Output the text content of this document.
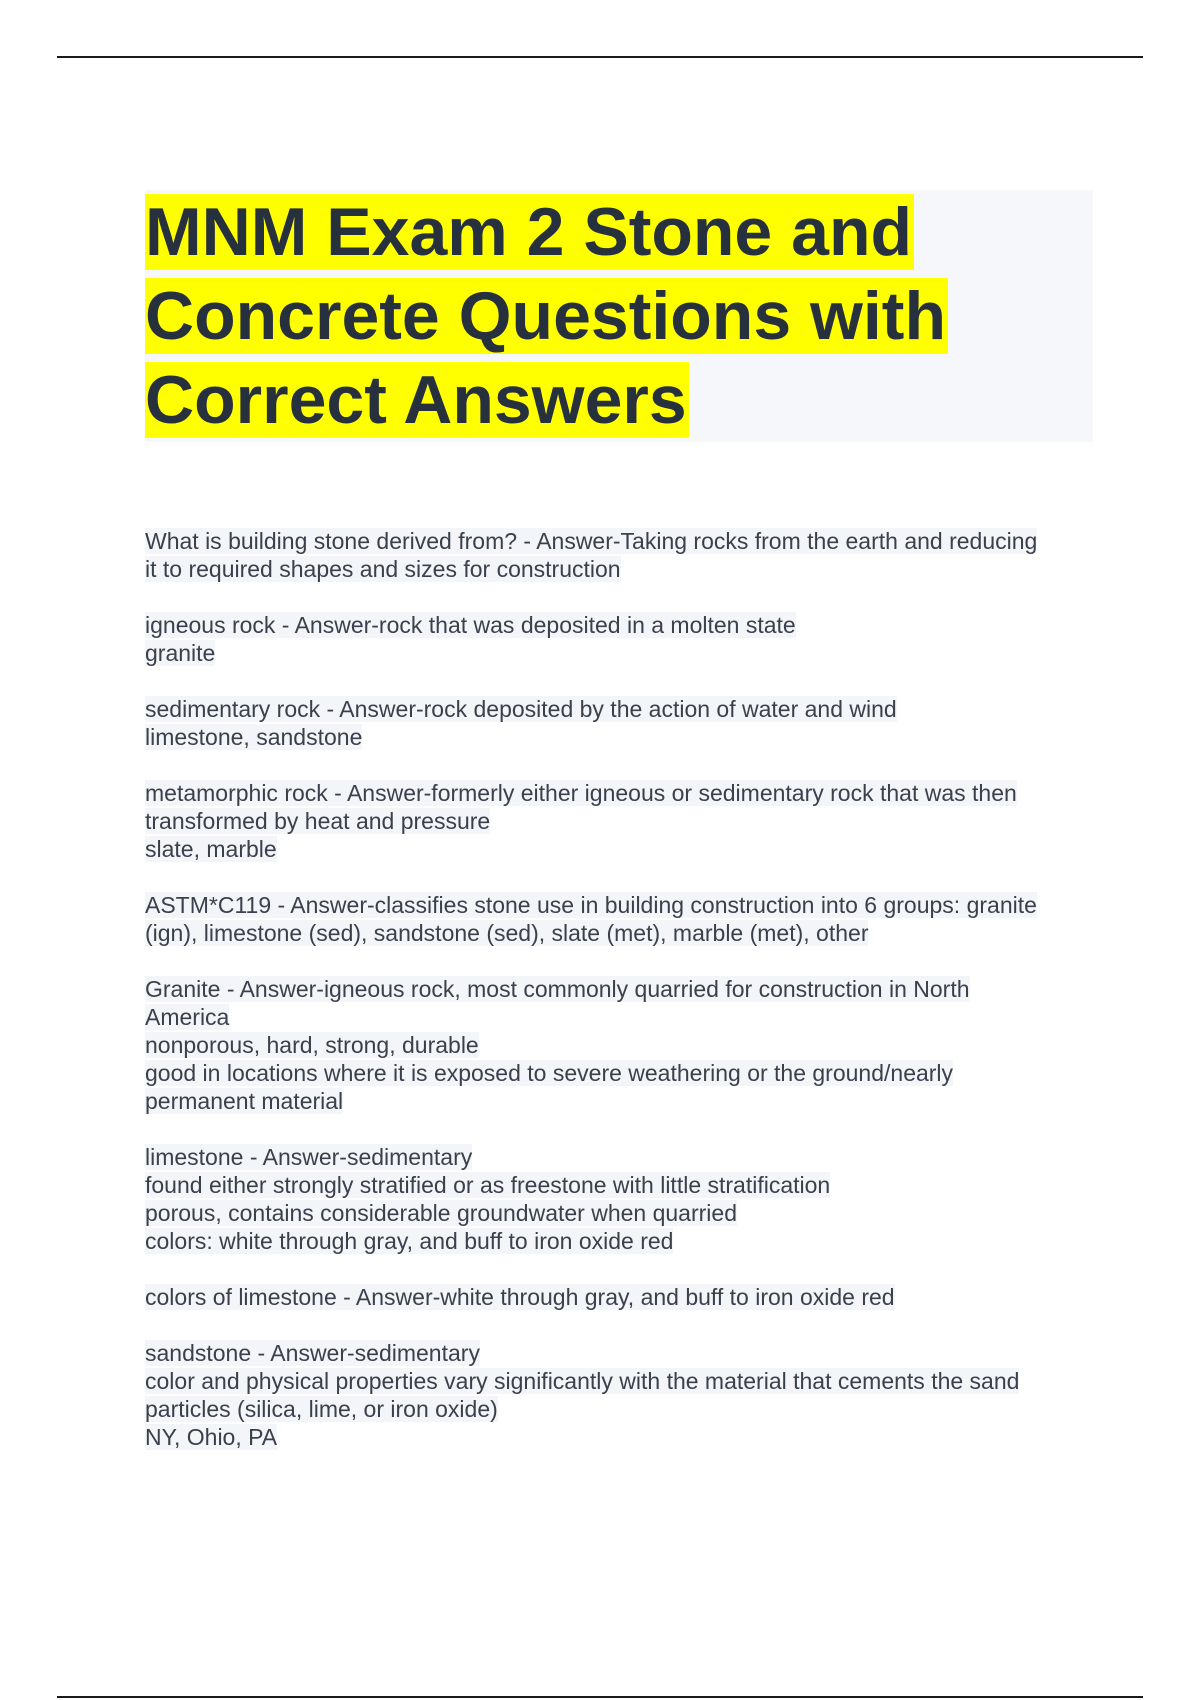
MNM Exam 2 Stone and Concrete Questions with Correct Answers
What is building stone derived from? - Answer-Taking rocks from the earth and reducing
it to required shapes and sizes for construction
igneous rock - Answer-rock that was deposited in a molten state
granite
sedimentary rock - Answer-rock deposited by the action of water and wind
limestone, sandstone
metamorphic rock - Answer-formerly either igneous or sedimentary rock that was then
transformed by heat and pressure
slate, marble
ASTM*C119 - Answer-classifies stone use in building construction into 6 groups: granite
(ign), limestone (sed), sandstone (sed), slate (met), marble (met), other
Granite - Answer-igneous rock, most commonly quarried for construction in North
America
nonporous, hard, strong, durable
good in locations where it is exposed to severe weathering or the ground/nearly
permanent material
limestone - Answer-sedimentary
found either strongly stratified or as freestone with little stratification
porous, contains considerable groundwater when quarried
colors: white through gray, and buff to iron oxide red
colors of limestone - Answer-white through gray, and buff to iron oxide red
sandstone - Answer-sedimentary
color and physical properties vary significantly with the material that cements the sand
particles (silica, lime, or iron oxide)
NY, Ohio, PA
